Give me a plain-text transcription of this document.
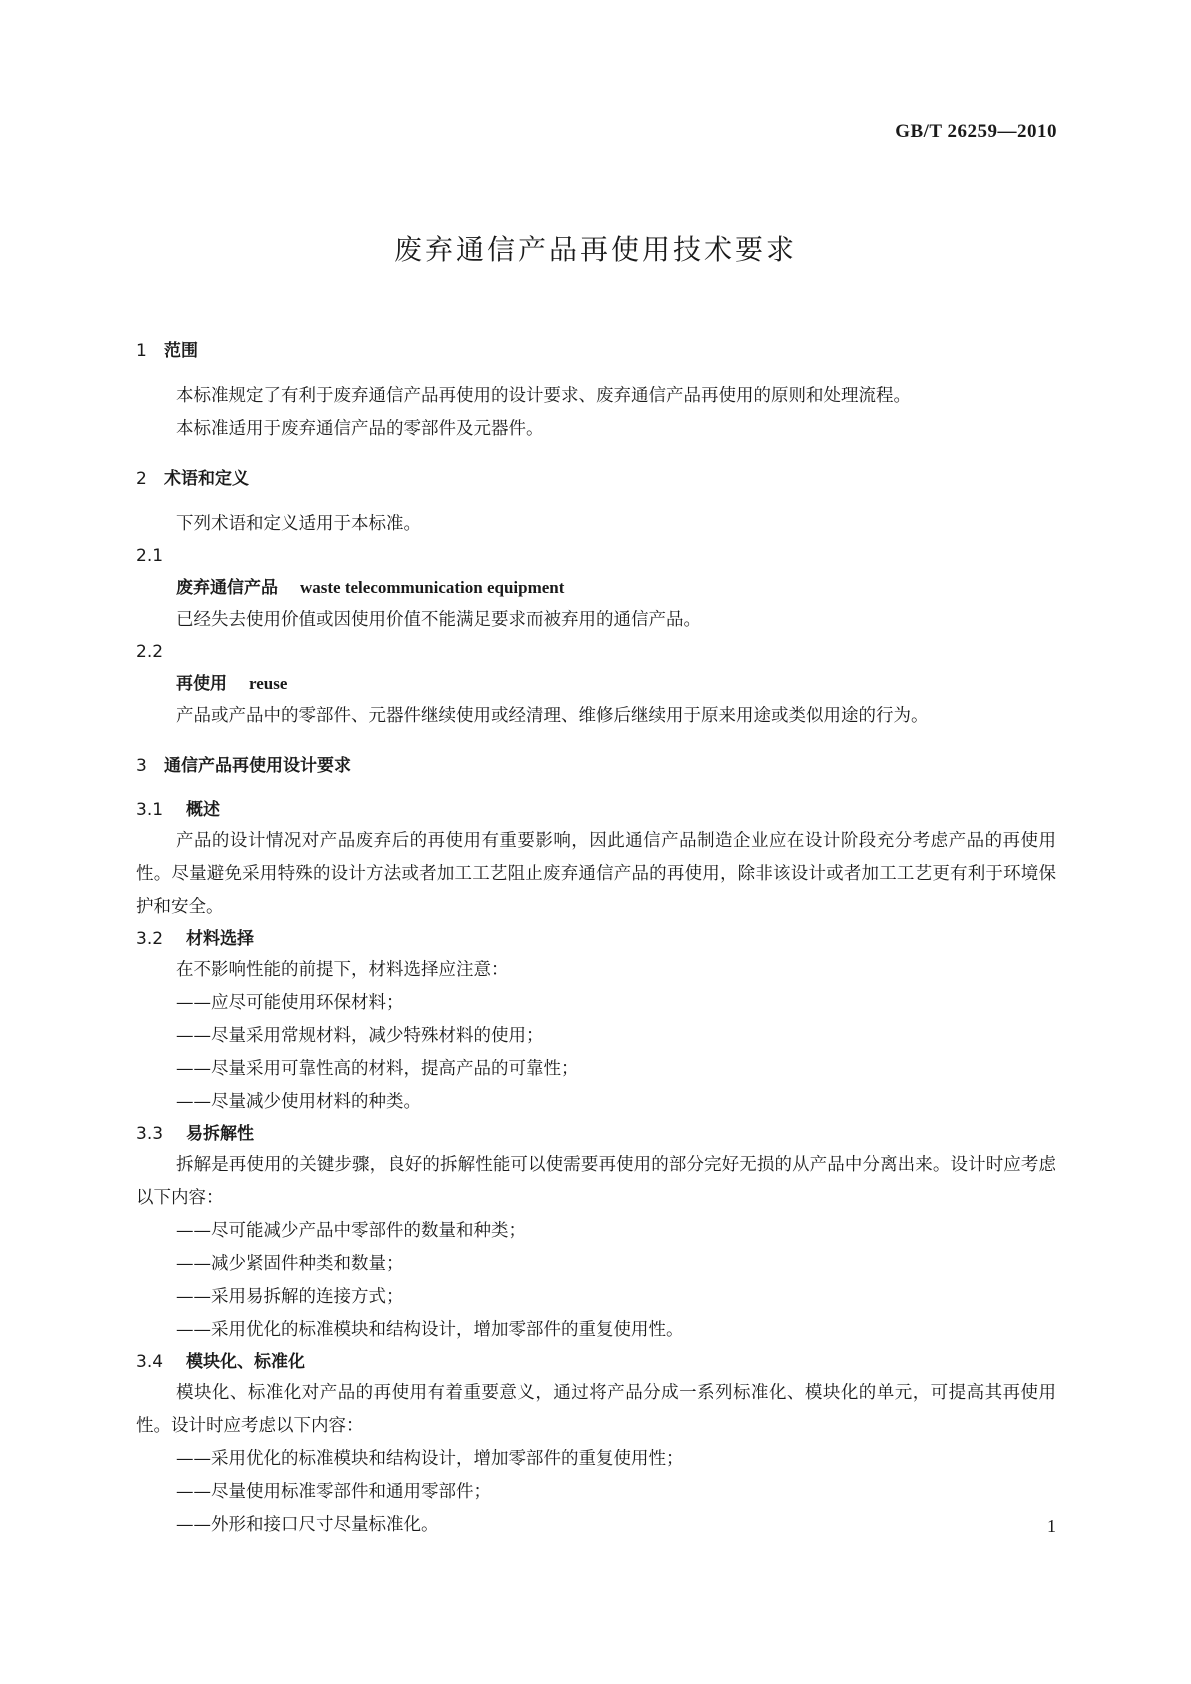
GB/T 26259—2010
废弃通信产品再使用技术要求
1 范围

本标准规定了有利于废弃通信产品再使用的设计要求、废弃通信产品再使用的原则和处理流程。

本标准适用于废弃通信产品的零部件及元器件。

2 术语和定义

下列术语和定义适用于本标准。

2.1
废弃通信产品 waste telecommunication equipment

已经失去使用价值或因使用价值不能满足要求而被弃用的通信产品。

2.2
再使用 reuse

产品或产品中的零部件、元器件继续使用或经清理、维修后继续用于原来用途或类似用途的行为。

3 通信产品再使用设计要求
3.1 概述

产品的设计情况对产品废弃后的再使用有重要影响，因此通信产品制造企业应在设计阶段充分考虑产品的再使用性。尽量避免采用特殊的设计方法或者加工工艺阻止废弃通信产品的再使用，除非该设计或者加工工艺更有利于环境保护和安全。

3.2 材料选择

在不影响性能的前提下，材料选择应注意：

——应尽可能使用环保材料；

——尽量采用常规材料，减少特殊材料的使用；

——尽量采用可靠性高的材料，提高产品的可靠性；

——尽量减少使用材料的种类。

3.3 易拆解性

拆解是再使用的关键步骤，良好的拆解性能可以使需要再使用的部分完好无损的从产品中分离出来。设计时应考虑以下内容：

——尽可能减少产品中零部件的数量和种类；

——减少紧固件种类和数量；

——采用易拆解的连接方式；

——采用优化的标准模块和结构设计，增加零部件的重复使用性。

3.4 模块化、标准化

模块化、标准化对产品的再使用有着重要意义，通过将产品分成一系列标准化、模块化的单元，可提高其再使用性。设计时应考虑以下内容：

——采用优化的标准模块和结构设计，增加零部件的重复使用性；

——尽量使用标准零部件和通用零部件；

——外形和接口尺寸尽量标准化。	1
